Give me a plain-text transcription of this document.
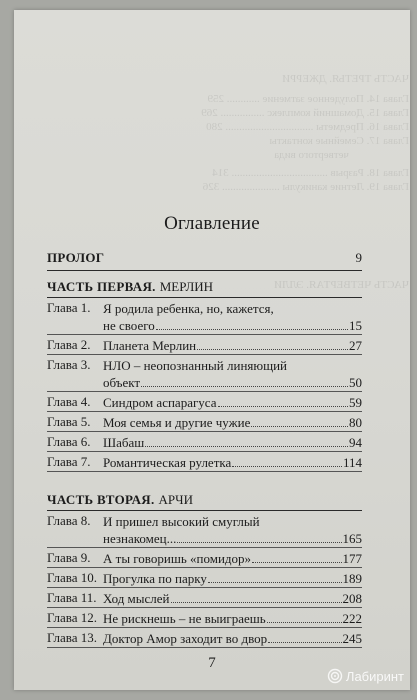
ЧАСТЬ ТРЕТЬЯ. ДЖЕРРИ
Глава 14. Полуденное затмение ............ 259
Глава 15. Домашний комплекс ................ 269
Глава 16. Предметы ................................ 280
Глава 17. Семейные контакты
четвертого вида
Глава 18. Разрыв ................................... 314
Глава 19. Летние каникулы ..................... 326
ЧАСТЬ ЧЕТВЕРТАЯ. ЭЛЛИ
Оглавление
ПРОЛОГ	9
ЧАСТЬ ПЕРВАЯ. МЕРЛИН
Глава 1. Я родила ребенка, но, кажется,
не своего	15
Глава 2. Планета Мерлин	27
Глава 3. НЛО – неопознанный линяющий
объект	50
Глава 4. Синдром аспарагуса	59
Глава 5. Моя семья и другие чужие	80
Глава 6. Шабаш	94
Глава 7. Романтическая рулетка	114
ЧАСТЬ ВТОРАЯ. АРЧИ
Глава 8. И пришел высокий смуглый
незнакомец...	165
Глава 9. А ты говоришь «помидор»	177
Глава 10. Прогулка по парку	189
Глава 11. Ход мыслей	208
Глава 12. Не рискнешь – не выиграешь	222
Глава 13. Доктор Амор заходит во двор	245
7
Лабиринт
